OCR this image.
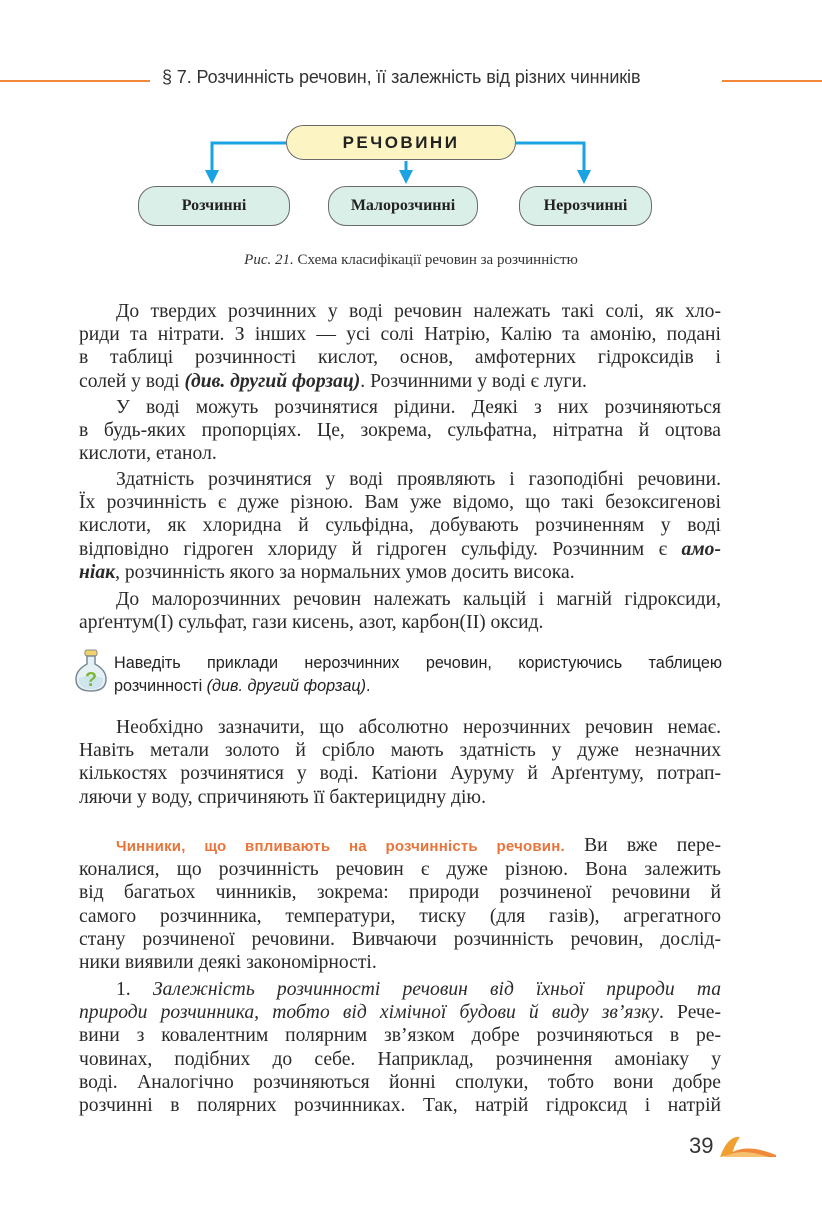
§ 7. Розчинність речовин, її залежність від різних чинників
РЕЧОВИНИ
Розчинні	Малорозчинні	Нерозчинні
Рис. 21. Схема класифікації речовин за розчинністю
До твердих розчинних у воді речовин належать такі солі, як хло-
риди та нітрати. З інших — усі солі Натрію, Калію та амонію, подані
в таблиці розчинності кислот, основ, амфотерних гідроксидів і
солей у воді (див. другий форзац). Розчинними у воді є луги.
У воді можуть розчинятися рідини. Деякі з них розчиняються
в будь-яких пропорціях. Це, зокрема, сульфатна, нітратна й оцтова
кислоти, етанол.
Здатність розчинятися у воді проявляють і газоподібні речовини.
Їх розчинність є дуже різною. Вам уже відомо, що такі безоксигенові
кислоти, як хлоридна й сульфідна, добувають розчиненням у воді
відповідно гідроген хлориду й гідроген сульфіду. Розчинним є амо-
ніак, розчинність якого за нормальних умов досить висока.
До малорозчинних речовин належать кальцій і магній гідроксиди,
арґентум(I) сульфат, гази кисень, азот, карбон(II) оксид.
?
Наведіть приклади нерозчинних речовин, користуючись таблицею
розчинності (див. другий форзац).
Необхідно зазначити, що абсолютно нерозчинних речовин немає.
Навіть метали золото й срібло мають здатність у дуже незначних
кількостях розчинятися у воді. Катіони Ауруму й Арґентуму, потрап-
ляючи у воду, спричиняють її бактерицидну дію.
Чинники, що впливають на розчинність речовин. Ви вже пере-
коналися, що розчинність речовин є дуже різною. Вона залежить
від багатьох чинників, зокрема: природи розчиненої речовини й
самого розчинника, температури, тиску (для газів), агрегатного
стану розчиненої речовини. Вивчаючи розчинність речовин, дослід-
ники виявили деякі закономірності.
1. Залежність розчинності речовин від їхньої природи та
природи розчинника, тобто від хімічної будови й виду зв’язку. Рече-
вини з ковалентним полярним зв’язком добре розчиняються в ре-
човинах, подібних до себе. Наприклад, розчинення амоніаку у
воді. Аналогічно розчиняються йонні сполуки, тобто вони добре
розчинні в полярних розчинниках. Так, натрій гідроксид і натрій
39
